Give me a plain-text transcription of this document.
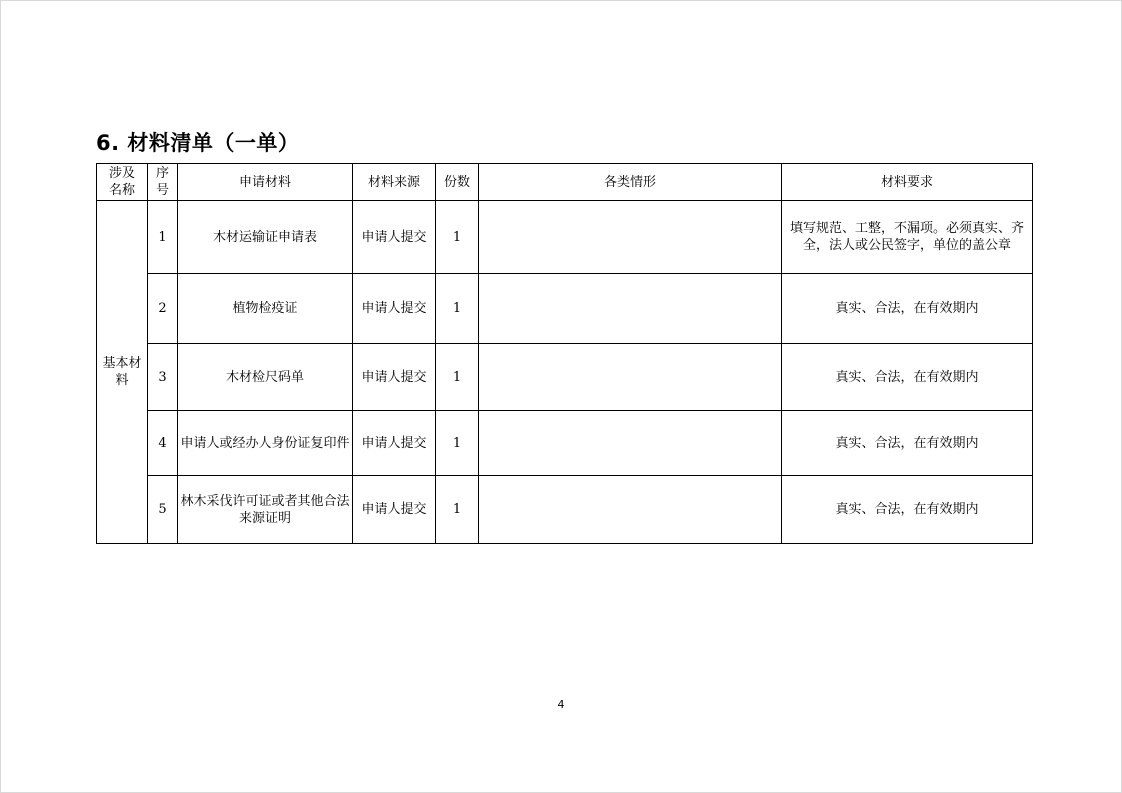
6. 材料清单（一单）
涉及名称	序号	申请材料	材料来源	份数	各类情形	材料要求
基本材料	1	木材运输证申请表	申请人提交	1		填写规范、工整，不漏项。必须真实、齐全，法人或公民签字，单位的盖公章
	2	植物检疫证	申请人提交	1		真实、合法，在有效期内
	3	木材检尺码单	申请人提交	1		真实、合法，在有效期内
	4	申请人或经办人身份证复印件	申请人提交	1		真实、合法，在有效期内
	5	林木采伐许可证或者其他合法来源证明	申请人提交	1		真实、合法，在有效期内
4
